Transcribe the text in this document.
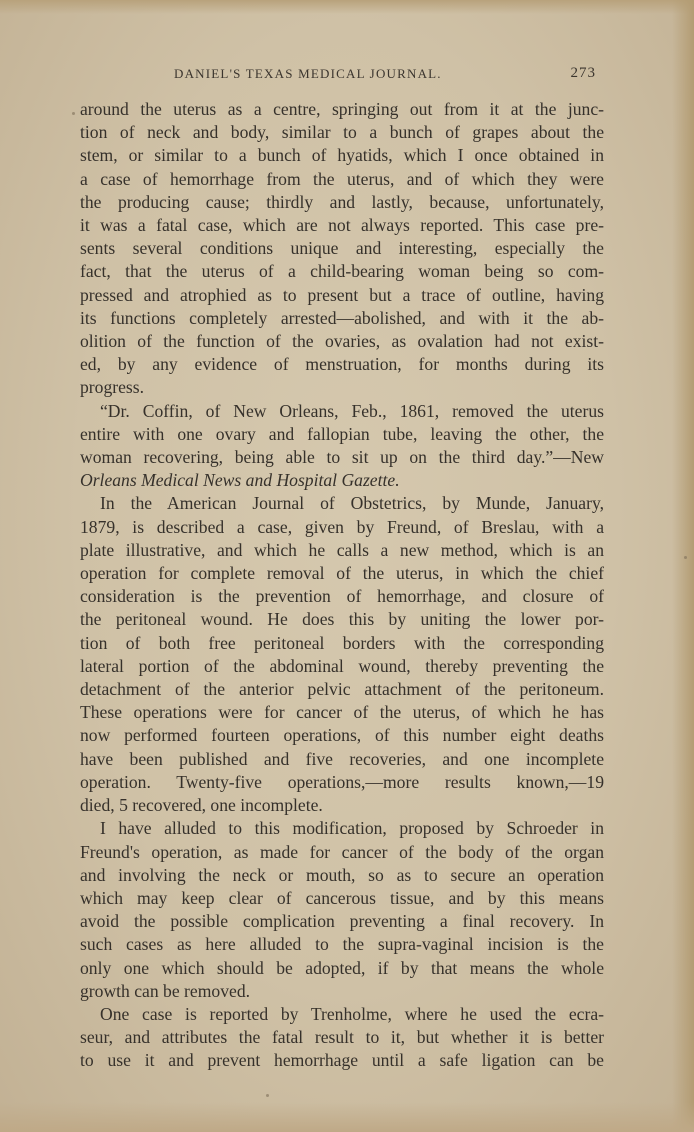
DANIEL'S TEXAS MEDICAL JOURNAL.	273

around the uterus as a centre, springing out from it at the junc-
tion of neck and body, similar to a bunch of grapes about the
stem, or similar to a bunch of hyatids, which I once obtained in
a case of hemorrhage from the uterus, and of which they were
the producing cause; thirdly and lastly, because, unfortunately,
it was a fatal case, which are not always reported. This case pre-
sents several conditions unique and interesting, especially the
fact, that the uterus of a child-bearing woman being so com-
pressed and atrophied as to present but a trace of outline, having
its functions completely arrested—abolished, and with it the ab-
olition of the function of the ovaries, as ovalation had not exist-
ed, by any evidence of menstruation, for months during its
progress.

“Dr. Coffin, of New Orleans, Feb., 1861, removed the uterus
entire with one ovary and fallopian tube, leaving the other, the
woman recovering, being able to sit up on the third day.”—New
Orleans Medical News and Hospital Gazette.

In the American Journal of Obstetrics, by Munde, January,
1879, is described a case, given by Freund, of Breslau, with a
plate illustrative, and which he calls a new method, which is an
operation for complete removal of the uterus, in which the chief
consideration is the prevention of hemorrhage, and closure of
the peritoneal wound. He does this by uniting the lower por-
tion of both free peritoneal borders with the corresponding
lateral portion of the abdominal wound, thereby preventing the
detachment of the anterior pelvic attachment of the peritoneum.
These operations were for cancer of the uterus, of which he has
now performed fourteen operations, of this number eight deaths
have been published and five recoveries, and one incomplete
operation. Twenty-five operations,—more results known,—19
died, 5 recovered, one incomplete.

I have alluded to this modification, proposed by Schroeder in
Freund's operation, as made for cancer of the body of the organ
and involving the neck or mouth, so as to secure an operation
which may keep clear of cancerous tissue, and by this means
avoid the possible complication preventing a final recovery. In
such cases as here alluded to the supra-vaginal incision is the
only one which should be adopted, if by that means the whole
growth can be removed.

One case is reported by Trenholme, where he used the ecra-
seur, and attributes the fatal result to it, but whether it is better
to use it and prevent hemorrhage until a safe ligation can be
